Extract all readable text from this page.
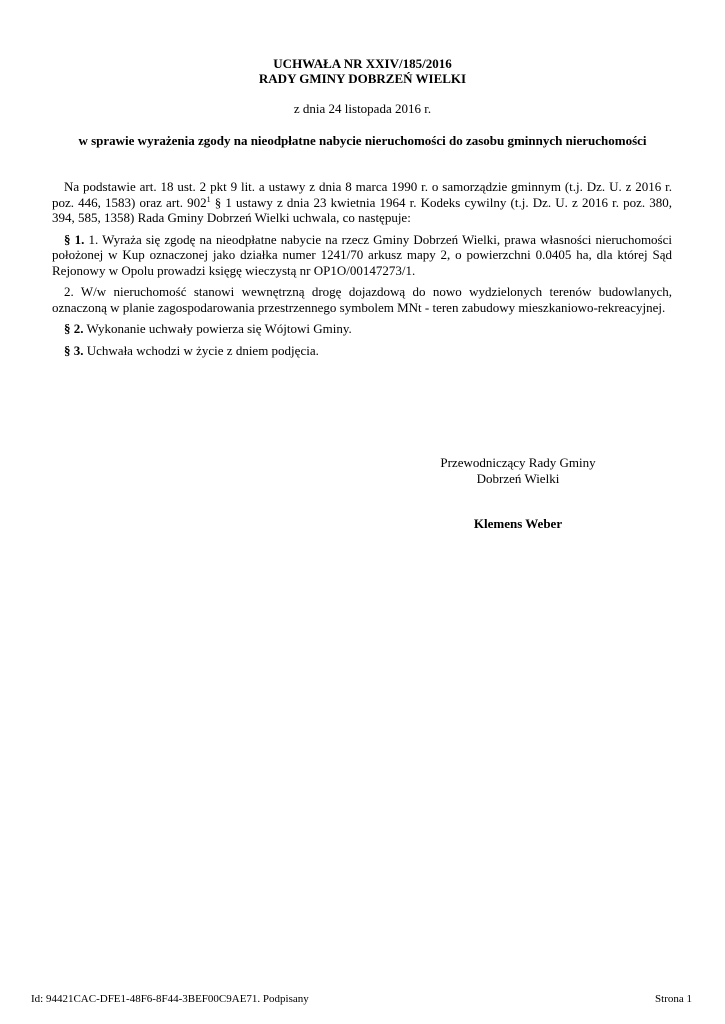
UCHWAŁA NR XXIV/185/2016
RADY GMINY DOBRZEŃ WIELKI
z dnia 24 listopada 2016 r.
w sprawie wyrażenia zgody na nieodpłatne nabycie nieruchomości do zasobu gminnych nieruchomości

Na podstawie art. 18 ust. 2 pkt 9 lit. a ustawy z dnia 8 marca 1990 r. o samorządzie gminnym (t.j. Dz. U. z 2016 r. poz. 446, 1583) oraz art. $902^1$ § 1 ustawy z dnia 23 kwietnia 1964 r. Kodeks cywilny (t.j. Dz. U. z 2016 r. poz. 380, 394, 585, 1358) Rada Gminy Dobrzeń Wielki uchwala, co następuje:

§ 1. 1. Wyraża się zgodę na nieodpłatne nabycie na rzecz Gminy Dobrzeń Wielki, prawa własności nieruchomości położonej w Kup oznaczonej jako działka numer 1241/70 arkusz mapy 2, o powierzchni 0.0405 ha, dla której Sąd Rejonowy w Opolu prowadzi księgę wieczystą nr OP1O/00147273/1.

2. W/w nieruchomość stanowi wewnętrzną drogę dojazdową do nowo wydzielonych terenów budowlanych, oznaczoną w planie zagospodarowania przestrzennego symbolem MNt - teren zabudowy mieszkaniowo-rekreacyjnej.

§ 2. Wykonanie uchwały powierza się Wójtowi Gminy.

§ 3. Uchwała wchodzi w życie z dniem podjęcia.

Przewodniczący Rady Gminy
Dobrzeń Wielki
Klemens Weber
Id: 94421CAC-DFE1-48F6-8F44-3BEF00C9AE71. Podpisany	Strona 1
